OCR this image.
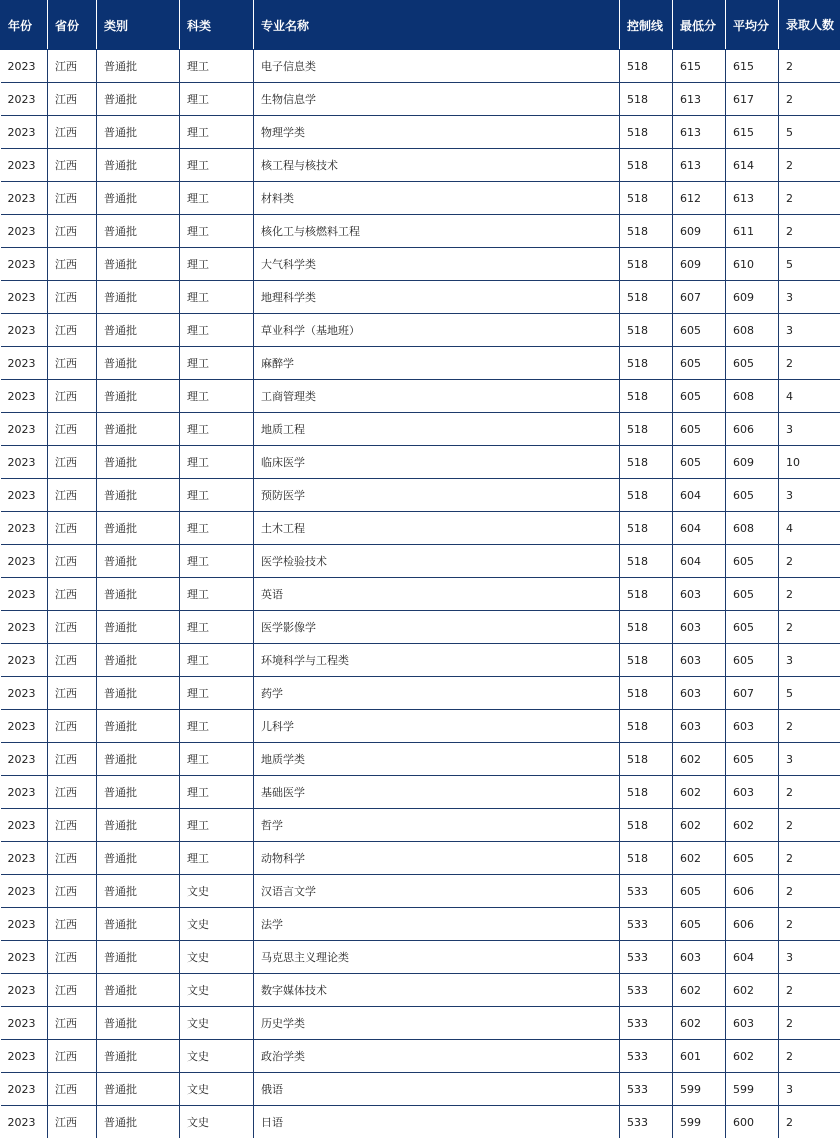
年份	省份	类别	科类	专业名称	控制线	最低分	平均分	录取人数
2023	江西	普通批	理工	电子信息类	518	615	615	2
2023	江西	普通批	理工	生物信息学	518	613	617	2
2023	江西	普通批	理工	物理学类	518	613	615	5
2023	江西	普通批	理工	核工程与核技术	518	613	614	2
2023	江西	普通批	理工	材料类	518	612	613	2
2023	江西	普通批	理工	核化工与核燃料工程	518	609	611	2
2023	江西	普通批	理工	大气科学类	518	609	610	5
2023	江西	普通批	理工	地理科学类	518	607	609	3
2023	江西	普通批	理工	草业科学（基地班）	518	605	608	3
2023	江西	普通批	理工	麻醉学	518	605	605	2
2023	江西	普通批	理工	工商管理类	518	605	608	4
2023	江西	普通批	理工	地质工程	518	605	606	3
2023	江西	普通批	理工	临床医学	518	605	609	10
2023	江西	普通批	理工	预防医学	518	604	605	3
2023	江西	普通批	理工	土木工程	518	604	608	4
2023	江西	普通批	理工	医学检验技术	518	604	605	2
2023	江西	普通批	理工	英语	518	603	605	2
2023	江西	普通批	理工	医学影像学	518	603	605	2
2023	江西	普通批	理工	环境科学与工程类	518	603	605	3
2023	江西	普通批	理工	药学	518	603	607	5
2023	江西	普通批	理工	儿科学	518	603	603	2
2023	江西	普通批	理工	地质学类	518	602	605	3
2023	江西	普通批	理工	基础医学	518	602	603	2
2023	江西	普通批	理工	哲学	518	602	602	2
2023	江西	普通批	理工	动物科学	518	602	605	2
2023	江西	普通批	文史	汉语言文学	533	605	606	2
2023	江西	普通批	文史	法学	533	605	606	2
2023	江西	普通批	文史	马克思主义理论类	533	603	604	3
2023	江西	普通批	文史	数字媒体技术	533	602	602	2
2023	江西	普通批	文史	历史学类	533	602	603	2
2023	江西	普通批	文史	政治学类	533	601	602	2
2023	江西	普通批	文史	俄语	533	599	599	3
2023	江西	普通批	文史	日语	533	599	600	2
